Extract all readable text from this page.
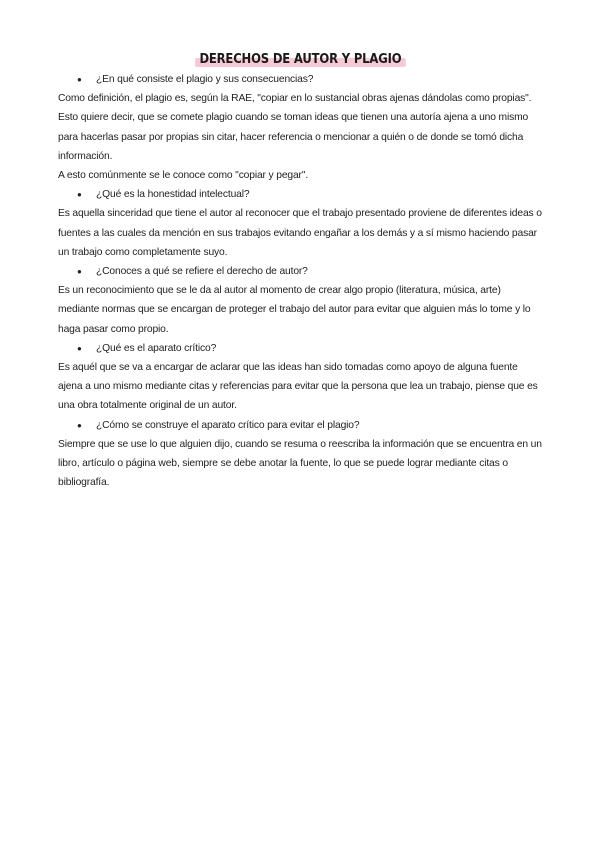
DERECHOS DE AUTOR Y PLAGIO

● ¿En qué consiste el plagio y sus consecuencias?

Como definición, el plagio es, según la RAE, "copiar en lo sustancial obras ajenas dándolas como propias". Esto quiere decir, que se comete plagio cuando se toman ideas que tienen una autoría ajena a uno mismo para hacerlas pasar por propias sin citar, hacer referencia o mencionar a quién o de donde se tomó dicha información.

A esto comúnmente se le conoce como "copiar y pegar".

● ¿Qué es la honestidad intelectual?

Es aquella sinceridad que tiene el autor al reconocer que el trabajo presentado proviene de diferentes ideas o fuentes a las cuales da mención en sus trabajos evitando engañar a los demás y a sí mismo haciendo pasar un trabajo como completamente suyo.

● ¿Conoces a qué se refiere el derecho de autor?

Es un reconocimiento que se le da al autor al momento de crear algo propio (literatura, música, arte) mediante normas que se encargan de proteger el trabajo del autor para evitar que alguien más lo tome y lo haga pasar como propio.

● ¿Qué es el aparato crítico?

Es aquél que se va a encargar de aclarar que las ideas han sido tomadas como apoyo de alguna fuente ajena a uno mismo mediante citas y referencias para evitar que la persona que lea un trabajo, piense que es una obra totalmente original de un autor.

● ¿Cómo se construye el aparato crítico para evitar el plagio?

Siempre que se use lo que alguien dijo, cuando se resuma o reescriba la información que se encuentra en un libro, artículo o página web, siempre se debe anotar la fuente, lo que se puede lograr mediante citas o bibliografía.
